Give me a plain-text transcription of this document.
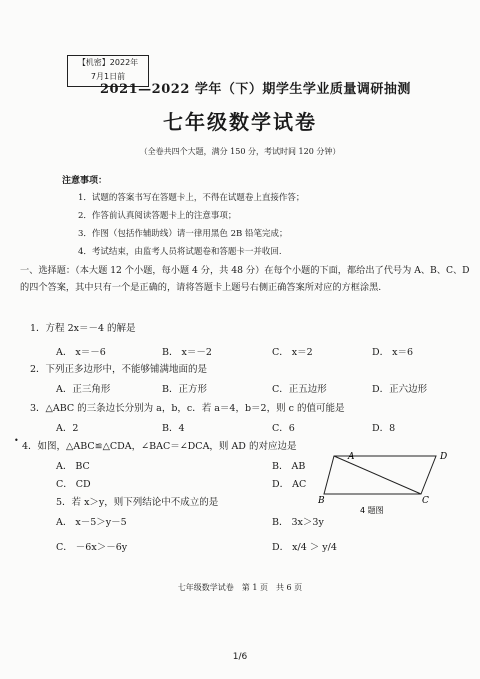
【机密】2022年
7月1日前
2021—2022 学年（下）期学生学业质量调研抽测
七年级数学试卷
（全卷共四个大题，满分 150 分，考试时间 120 分钟）
注意事项：
1．试题的答案书写在答题卡上，不得在试题卷上直接作答；
2．作答前认真阅读答题卡上的注意事项；
3．作图（包括作辅助线）请一律用黑色 2B 铅笔完成；
4．考试结束，由监考人员将试题卷和答题卡一并收回.
一、选择题：（本大题 12 个小题，每小题 4 分，共 48 分）在每个小题的下面，都给出了代号为 A、B、C、D 的四个答案，其中只有一个是正确的，请将答题卡上题号右侧正确答案所对应的方框涂黑.
1．方程 2x＝－4 的解是
A． x＝－6	B． x＝－2	C． x＝2	D． x＝6
2．下列正多边形中，不能够铺满地面的是
A．正三角形	B．正方形	C．正五边形	D．正六边形
3．△ABC 的三条边长分别为 a，b，c．若 a＝4，b＝2，则 c 的值可能是
A．2	B．4	C．6	D．8
•
4．如图，△ABC≌△CDA，∠BAC＝∠DCA，则 AD 的对应边是
A． BC	B． AB
C． CD	D． AC
A	D
B	C
4 题图
5．若 x＞y，则下列结论中不成立的是
A． x－5＞y－5	B． 3x＞3y
C． －6x＞－6y	D． x/4 ＞ y/4
七年级数学试卷　第 1 页　共 6 页
1/6
